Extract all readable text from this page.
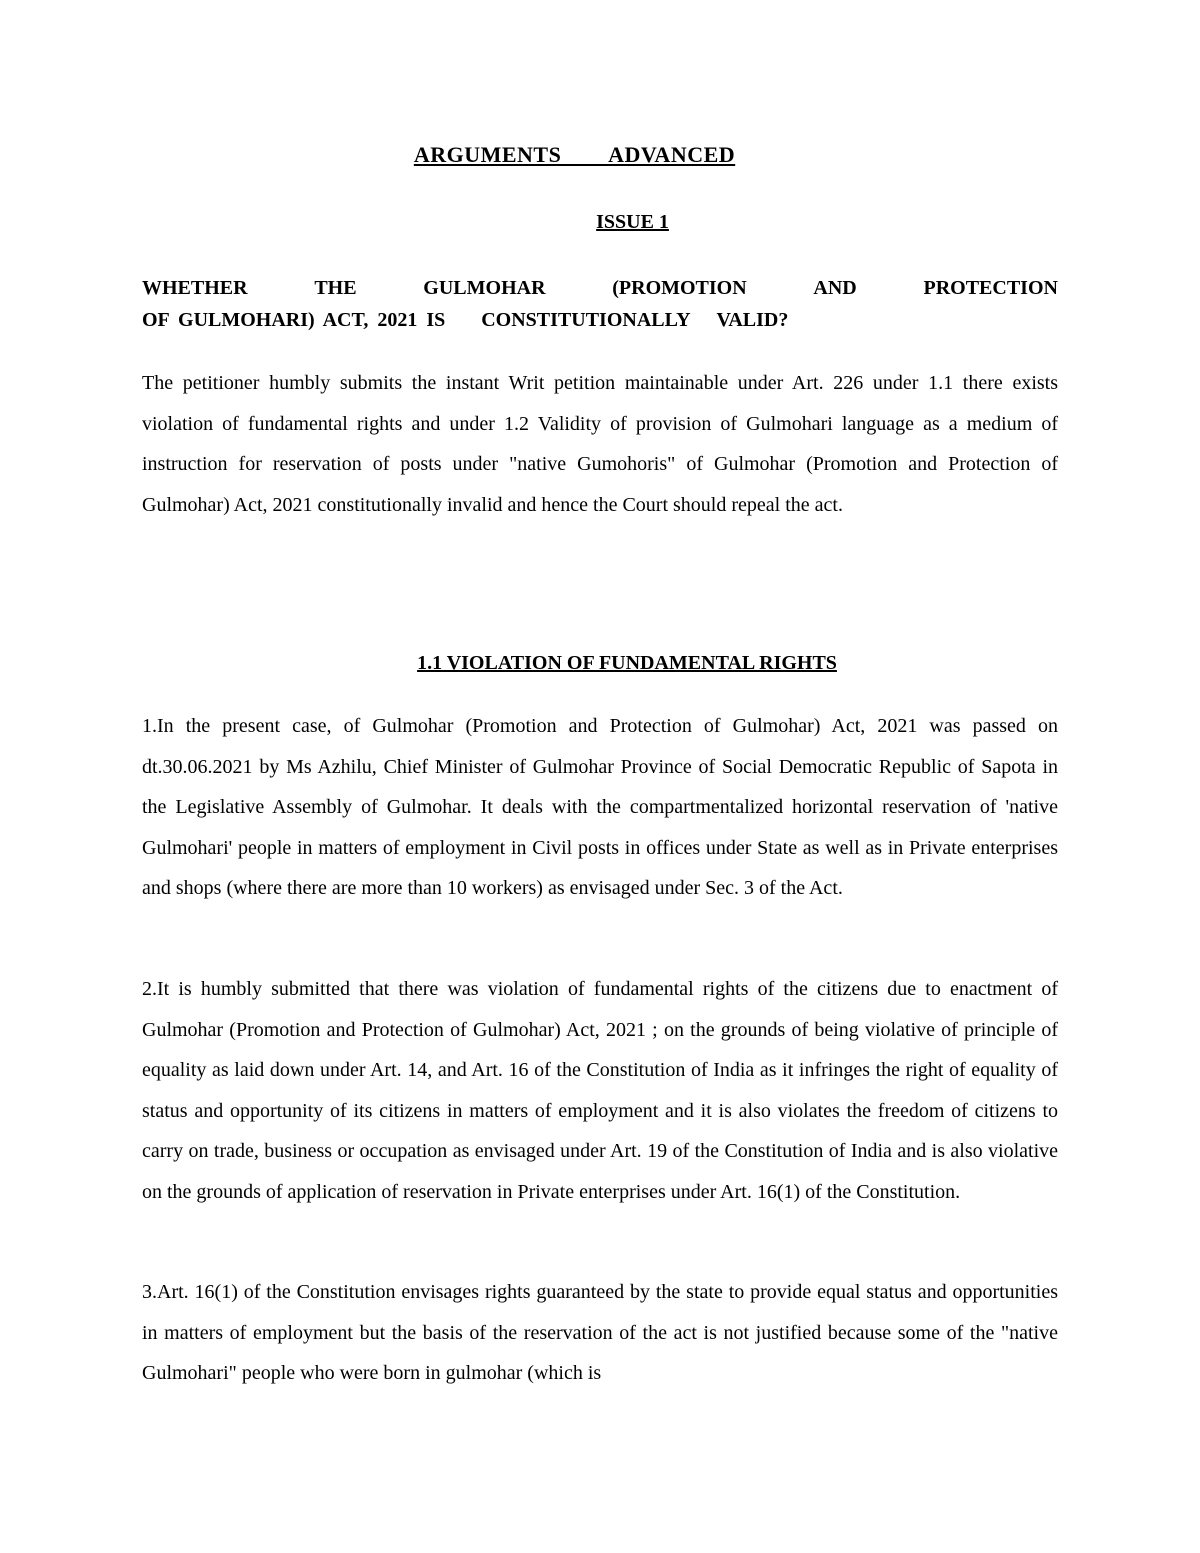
ARGUMENTS   ADVANCED
ISSUE 1
WHETHER	THE	GULMOHAR	(PROMOTION	AND	PROTECTION
OF GULMOHARI) ACT, 2021 IS    CONSTITUTIONALLY   VALID?
The petitioner humbly submits the instant Writ petition maintainable under Art. 226 under 1.1 there exists violation of fundamental rights and under 1.2 Validity of provision of Gulmohari language as a medium of instruction for reservation of posts under "native Gumohoris" of Gulmohar (Promotion and Protection of Gulmohar) Act, 2021 constitutionally invalid and hence the Court should repeal the act.
1.1 VIOLATION OF FUNDAMENTAL RIGHTS
1.In the present case, of Gulmohar (Promotion and Protection of Gulmohar) Act, 2021 was passed on dt.30.06.2021 by Ms Azhilu, Chief Minister of Gulmohar Province of Social Democratic Republic of Sapota in the Legislative Assembly of Gulmohar. It deals with the compartmentalized horizontal reservation of 'native Gulmohari' people in matters of employment in Civil posts in offices under State as well as in Private enterprises and shops (where there are more than 10 workers) as envisaged under Sec. 3 of the Act.
2.It is humbly submitted that there was violation of fundamental rights of the citizens due to enactment of Gulmohar (Promotion and Protection of Gulmohar) Act, 2021 ; on the grounds of being violative of principle of equality as laid down under Art. 14, and Art. 16 of the Constitution of India as it infringes the right of equality of status and opportunity of its citizens in matters of employment and it is also violates the freedom of citizens to carry on trade, business or occupation as envisaged under Art. 19 of the Constitution of India and is also violative on the grounds of application of reservation in Private enterprises under Art. 16(1) of the Constitution.
3.Art. 16(1) of the Constitution envisages rights guaranteed by the state to provide equal status and opportunities in matters of employment but the basis of the reservation of the act is not justified because some of the "native Gulmohari" people who were born in gulmohar (which is
